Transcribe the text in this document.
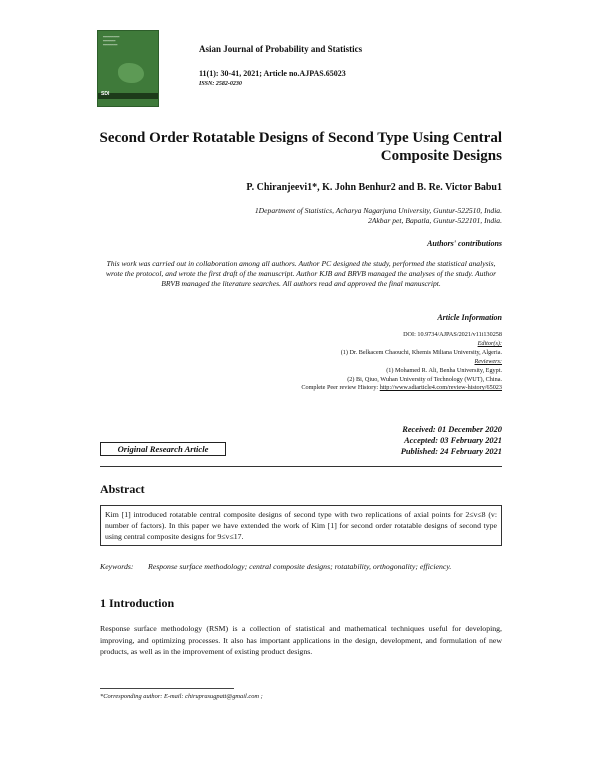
━━━━━━━━
━━━━━━
━━━━━━━
SDI
Asian Journal of Probability and Statistics
11(1): 30-41, 2021; Article no.AJPAS.65023
ISSN: 2582-0230
Second Order Rotatable Designs of Second Type Using Central
Composite Designs
P. Chiranjeevi1*, K. John Benhur2 and B. Re. Victor Babu1
1Department of Statistics, Acharya Nagarjuna University, Guntur-522510, India.
2Akbar pet, Bapatla, Guntur-522101, India.
Authors' contributions
This work was carried out in collaboration among all authors. Author PC designed the study, performed the statistical analysis, wrote the protocol, and wrote the first draft of the manuscript. Author KJB and BRVB managed the analyses of the study. Author BRVB managed the literature searches. All authors read and approved the final manuscript.
Article Information
DOI: 10.9734/AJPAS/2021/v11i130258
Editor(s):
(1) Dr. Belkacem Chaouchi, Khemis Miliana University, Algeria.
Reviewers:
(1) Mohamed R. Ali, Benha University, Egypt.
(2) Bi, Qiuo, Wuhan University of Technology (WUT), China.
Complete Peer review History: http://www.sdiarticle4.com/review-history/65023
Received: 01 December 2020
Accepted: 03 February 2021
Published: 24 February 2021
Original Research Article
Abstract
Kim [1] introduced rotatable central composite designs of second type with two replications of axial points for 2≤v≤8 (v: number of factors). In this paper we have extended the work of Kim [1] for second order rotatable designs of second type using central composite designs for 9≤v≤17.
Keywords: Response surface methodology; central composite designs; rotatability, orthogonality; efficiency.
1 Introduction
Response surface methodology (RSM) is a collection of statistical and mathematical techniques useful for developing, improving, and optimizing processes. It also has important applications in the design, development, and formulation of new products, as well as in the improvement of existing product designs.
*Corresponding author: E-mail: chiruprasugpatt@gmail.com ;
